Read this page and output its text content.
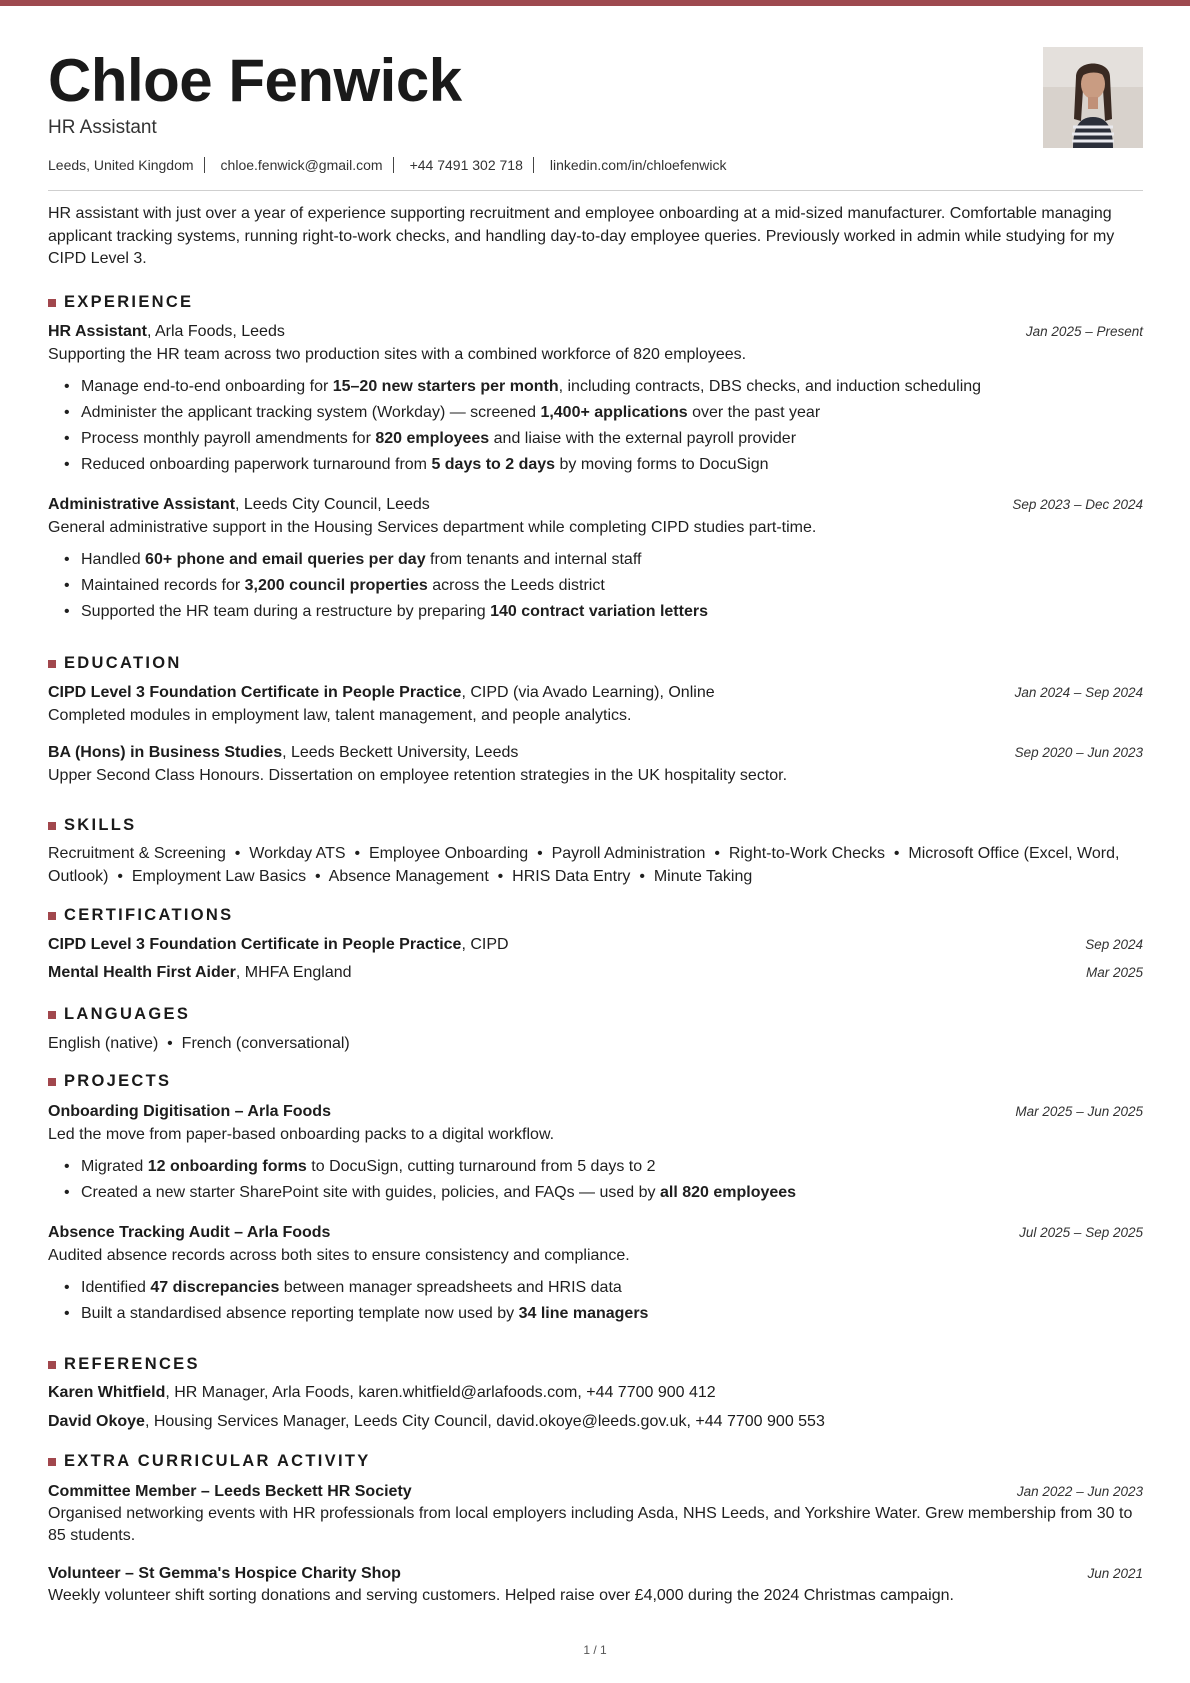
Chloe Fenwick
HR Assistant
Leeds, United Kingdom chloe.fenwick@gmail.com +44 7491 302 718 linkedin.com/in/chloefenwick
HR assistant with just over a year of experience supporting recruitment and employee onboarding at a mid-sized manufacturer. Comfortable managing applicant tracking systems, running right-to-work checks, and handling day-to-day employee queries. Previously worked in admin while studying for my CIPD Level 3.
EXPERIENCE
HR Assistant, Arla Foods, Leeds	Jan 2025 – Present
Supporting the HR team across two production sites with a combined workforce of 820 employees.
• Manage end-to-end onboarding for 15–20 new starters per month, including contracts, DBS checks, and induction scheduling
• Administer the applicant tracking system (Workday) — screened 1,400+ applications over the past year
• Process monthly payroll amendments for 820 employees and liaise with the external payroll provider
• Reduced onboarding paperwork turnaround from 5 days to 2 days by moving forms to DocuSign
Administrative Assistant, Leeds City Council, Leeds	Sep 2023 – Dec 2024
General administrative support in the Housing Services department while completing CIPD studies part-time.
• Handled 60+ phone and email queries per day from tenants and internal staff
• Maintained records for 3,200 council properties across the Leeds district
• Supported the HR team during a restructure by preparing 140 contract variation letters
EDUCATION
CIPD Level 3 Foundation Certificate in People Practice, CIPD (via Avado Learning), Online	Jan 2024 – Sep 2024
Completed modules in employment law, talent management, and people analytics.
BA (Hons) in Business Studies, Leeds Beckett University, Leeds	Sep 2020 – Jun 2023
Upper Second Class Honours. Dissertation on employee retention strategies in the UK hospitality sector.
SKILLS
Recruitment & Screening  •  Workday ATS  •  Employee Onboarding  •  Payroll Administration  •  Right-to-Work Checks  •  Microsoft Office (Excel, Word, Outlook)  •  Employment Law Basics  •  Absence Management  •  HRIS Data Entry  •  Minute Taking
CERTIFICATIONS
CIPD Level 3 Foundation Certificate in People Practice, CIPD	Sep 2024
Mental Health First Aider, MHFA England	Mar 2025
LANGUAGES
English (native)  •  French (conversational)
PROJECTS
Onboarding Digitisation – Arla Foods	Mar 2025 – Jun 2025
Led the move from paper-based onboarding packs to a digital workflow.
• Migrated 12 onboarding forms to DocuSign, cutting turnaround from 5 days to 2
• Created a new starter SharePoint site with guides, policies, and FAQs — used by all 820 employees
Absence Tracking Audit – Arla Foods	Jul 2025 – Sep 2025
Audited absence records across both sites to ensure consistency and compliance.
• Identified 47 discrepancies between manager spreadsheets and HRIS data
• Built a standardised absence reporting template now used by 34 line managers
REFERENCES
Karen Whitfield, HR Manager, Arla Foods, karen.whitfield@arlafoods.com, +44 7700 900 412
David Okoye, Housing Services Manager, Leeds City Council, david.okoye@leeds.gov.uk, +44 7700 900 553
EXTRA CURRICULAR ACTIVITY
Committee Member – Leeds Beckett HR Society	Jan 2022 – Jun 2023
Organised networking events with HR professionals from local employers including Asda, NHS Leeds, and Yorkshire Water. Grew membership from 30 to 85 students.
Volunteer – St Gemma's Hospice Charity Shop	Jun 2021
Weekly volunteer shift sorting donations and serving customers. Helped raise over £4,000 during the 2024 Christmas campaign.
1 / 1
